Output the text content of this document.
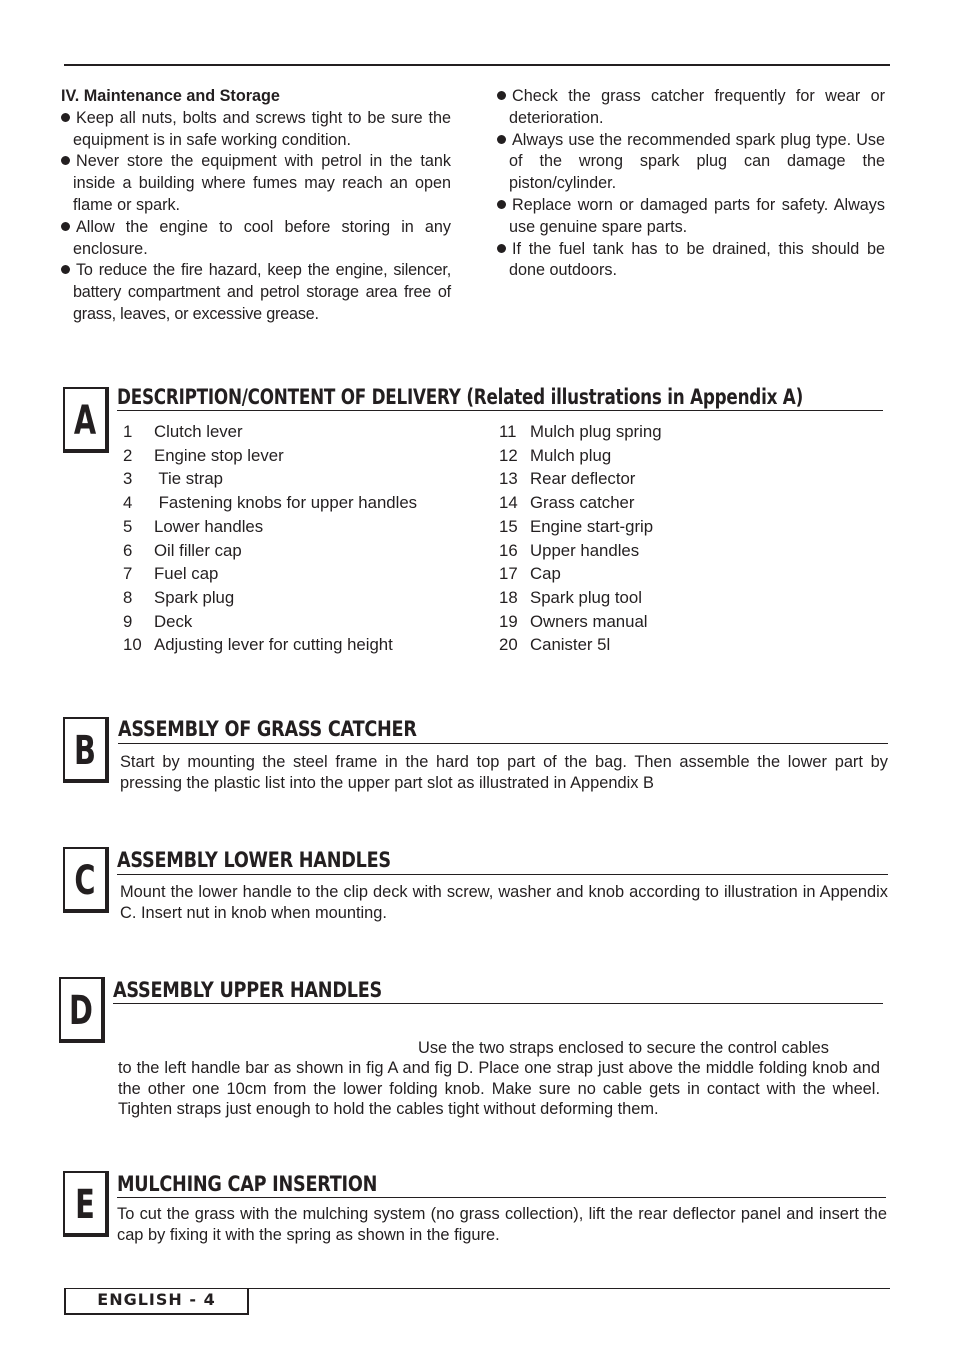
IV. Maintenance and Storage
Keep all nuts, bolts and screws tight to be sure the equipment is in safe working condition.
Never store the equipment with petrol in the tank inside a building where fumes may reach an open flame or spark.
Allow the engine to cool before storing in any enclosure.
To reduce the fire hazard, keep the engine, silencer, battery compartment and petrol storage area free of grass, leaves, or excessive grease.
Check the grass catcher frequently for wear or deterioration.
Always use the recommended spark plug type. Use of the wrong spark plug can damage the piston/cylinder.
Replace worn or damaged parts for safety. Always use genuine spare parts.
If the fuel tank has to be drained, this should be done outdoors.
A
DESCRIPTION/CONTENT OF DELIVERY (Related illustrations in Appendix A)
1	Clutch lever
2	Engine stop lever
3	Tie strap
4	Fastening knobs for upper handles
5	Lower handles
6	Oil filler cap
7	Fuel cap
8	Spark plug
9	Deck
10 Adjusting lever for cutting height
11 Mulch plug spring
12 Mulch plug
13 Rear deflector
14 Grass catcher
15 Engine start-grip
16 Upper handles
17 Cap
18 Spark plug tool
19 Owners manual
20 Canister 5l
B ASSEMBLY OF GRASS CATCHER
Start by mounting the steel frame in the hard top part of the bag. Then assemble the lower part by pressing the plastic list into the upper part slot as illustrated in Appendix B
C ASSEMBLY LOWER HANDLES
Mount the lower handle to the clip deck with screw, washer and knob according to illustration in Appendix C. Insert nut in knob when mounting.
D ASSEMBLY UPPER HANDLES
Use the two straps enclosed to secure the control cables
to the left handle bar as shown in fig A and fig D. Place one strap just above the middle folding knob and the other one 10cm from the lower folding knob. Make sure no cable gets in contact with the wheel. Tighten straps just enough to hold the cables tight without deforming them.
E MULCHING CAP INSERTION
To cut the grass with the mulching system (no grass collection), lift the rear deflector panel and insert the cap by fixing it with the spring as shown in the figure.
ENGLISH - 4
